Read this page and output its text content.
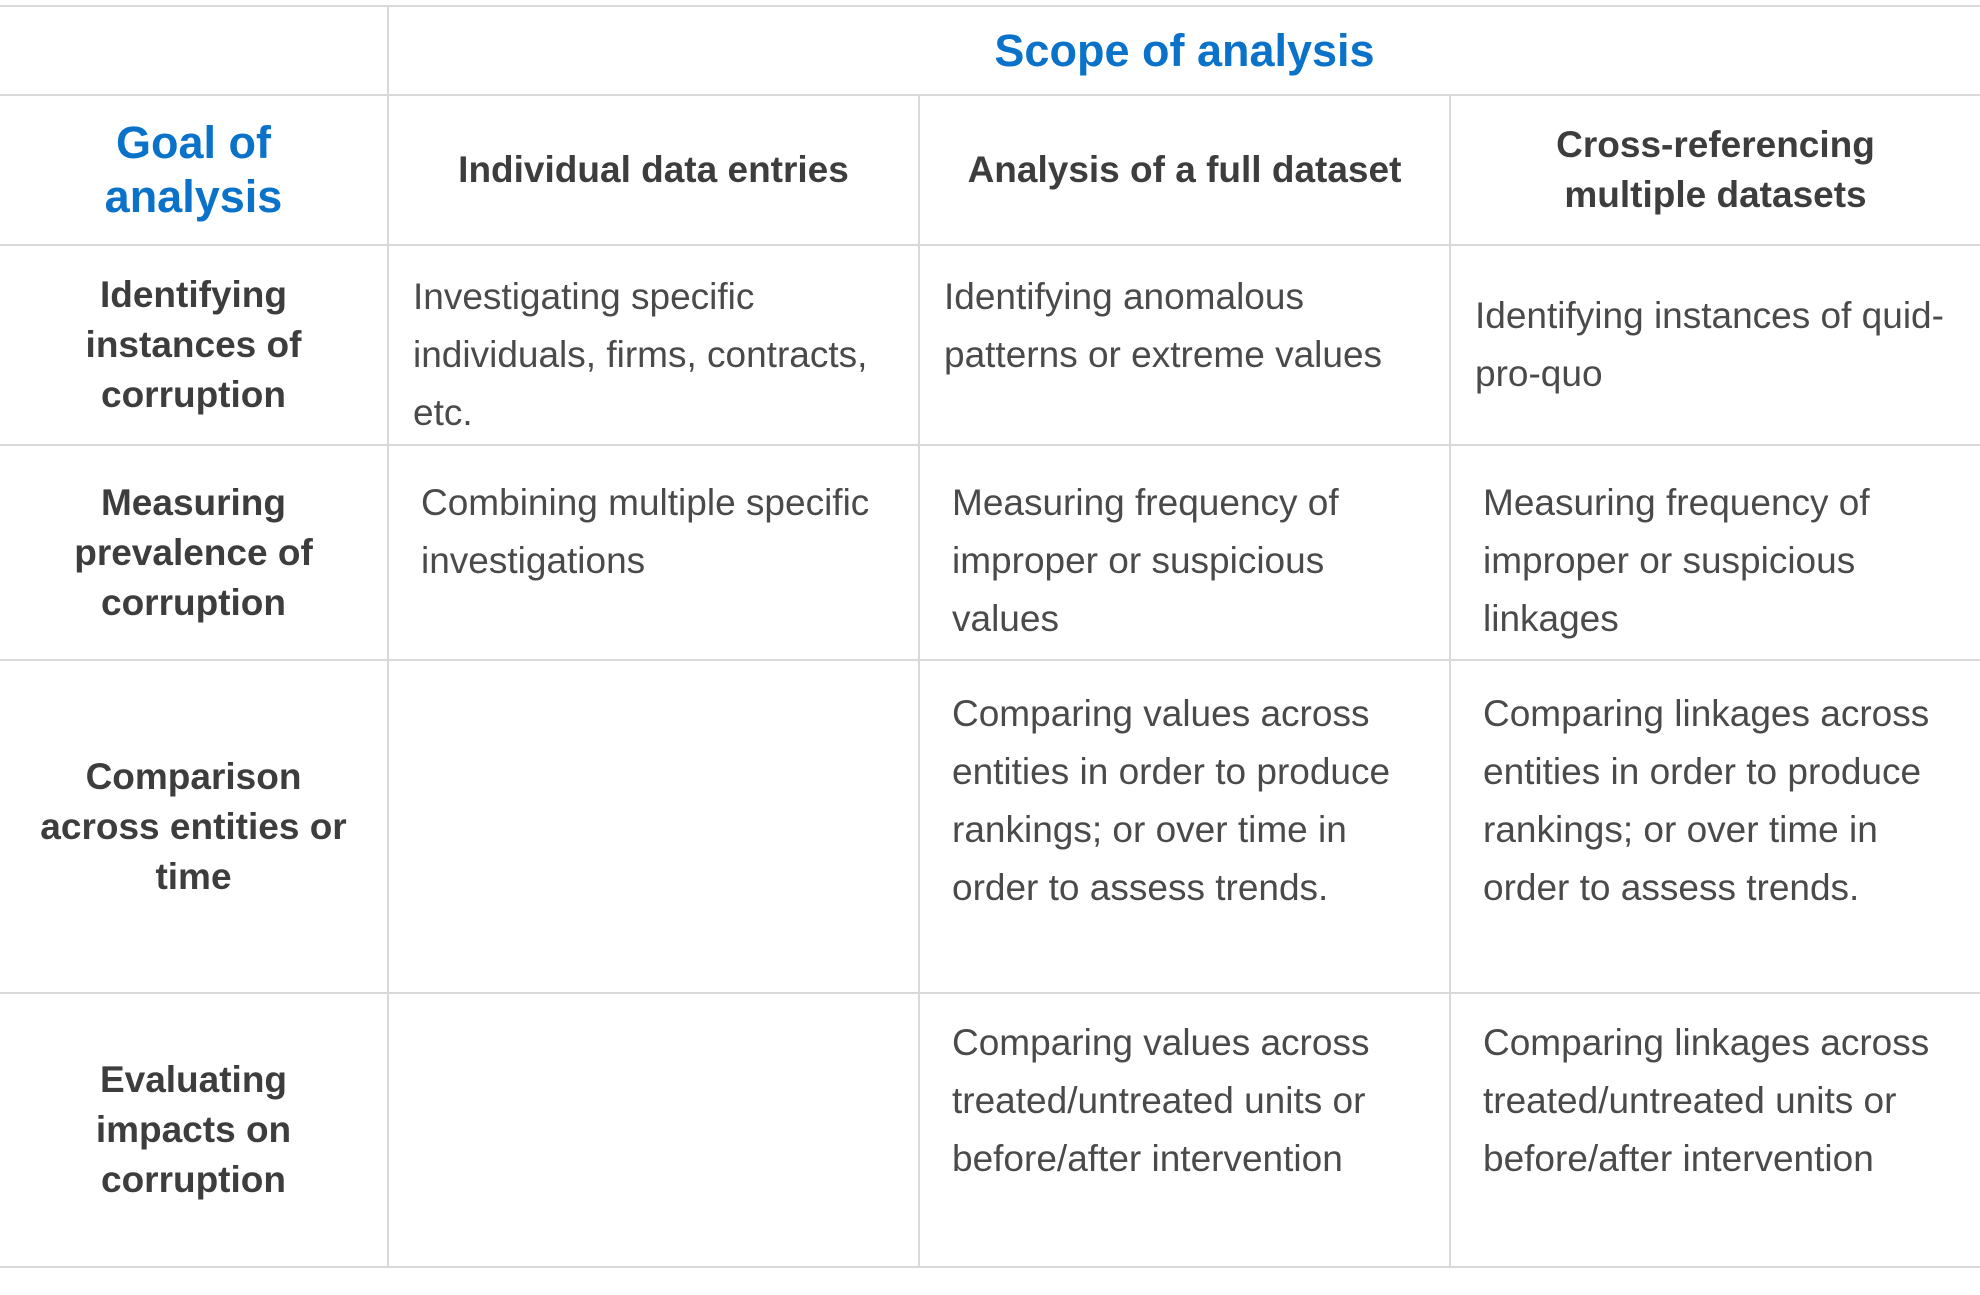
	Scope of analysis		
Goal of analysis	Individual data entries	Analysis of a full dataset	Cross-referencing multiple datasets
Identifying instances of corruption	Investigating specific individuals, firms, contracts, etc.	Identifying anomalous patterns or extreme values	Identifying instances of quid-pro-quo
Measuring prevalence of corruption	Combining multiple specific investigations	Measuring frequency of improper or suspicious values	Measuring frequency of improper or suspicious linkages
Comparison across entities or time		Comparing values across entities in order to produce rankings; or over time in order to assess trends.	Comparing linkages across entities in order to produce rankings; or over time in order to assess trends.
Evaluating impacts on corruption		Comparing values across treated/untreated units or before/after intervention	Comparing linkages across treated/untreated units or before/after intervention
